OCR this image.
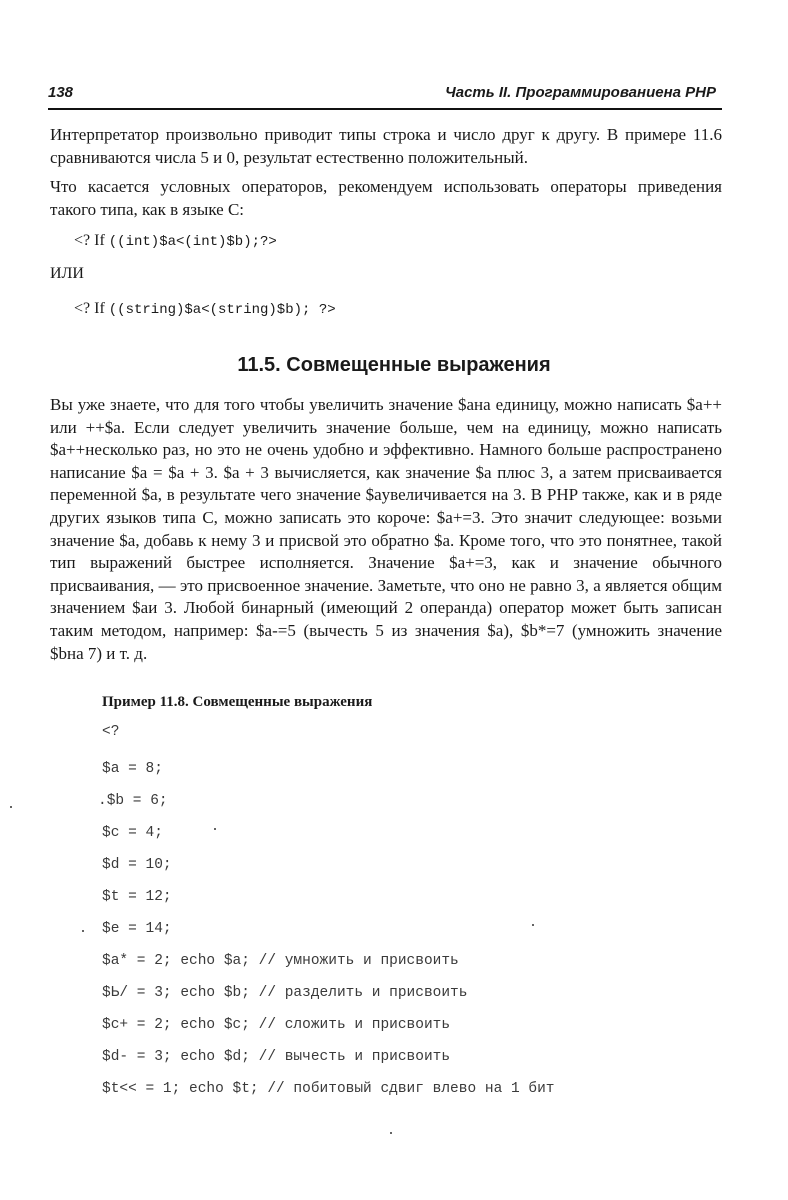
138	Часть II. Программированиена PHP

Интерпретатор произвольно приводит типы строка и число друг к другу. В примере 11.6 сравниваются числа 5 и 0, результат естественно положительный.

Что касается условных операторов, рекомендуем использовать операторы приведения такого типа, как в языке С:

<? If ((int)$a<(int)$b);?>
ИЛИ
<? If ((string)$a<(string)$b); ?>
11.5. Совмещенные выражения

Вы уже знаете, что для того чтобы увеличить значение $ана единицу, можно написать $а++ или ++$а. Если следует увеличить значение больше, чем на единицу, можно написать $а++несколько раз, но это не очень удобно и эффективно. Намного больше распространено написание $a = $a + 3. $a + 3 вычисляется, как значение $а плюс 3, а затем присваивается переменной $а, в результате чего значение $aувеличивается на 3. В PHP также, как и в ряде других языков типа С, можно записать это короче: $а+=3. Это значит следующее: возьми значение $а, добавь к нему 3 и присвой это обратно $а. Кроме того, что это понятнее, такой тип выражений быстрее исполняется. Значение $а+=3, как и значение обычного присваивания, — это присвоенное значение. Заметьте, что оно не равно 3, а является общим значением $аи 3. Любой бинарный (имеющий 2 операнда) оператор может быть записан таким методом, например: $a-=5 (вычесть 5 из значения $а), $b*=7 (умножить значение $bна 7) и т. д.

Пример 11.8. Совмещенные выражения
<?
$a = 8;
.$b = 6;
$c = 4;
$d = 10;
$t = 12;
$e = 14;
$a* = 2; echo $a; // умножить и присвоить
$Ь/ = 3; echo $b; // разделить и присвоить
$c+ = 2; echo $c; // сложить и присвоить
$d- = 3; echo $d; // вычесть и присвоить
$t<< = 1; echo $t; // побитовый сдвиг влево на 1 бит
